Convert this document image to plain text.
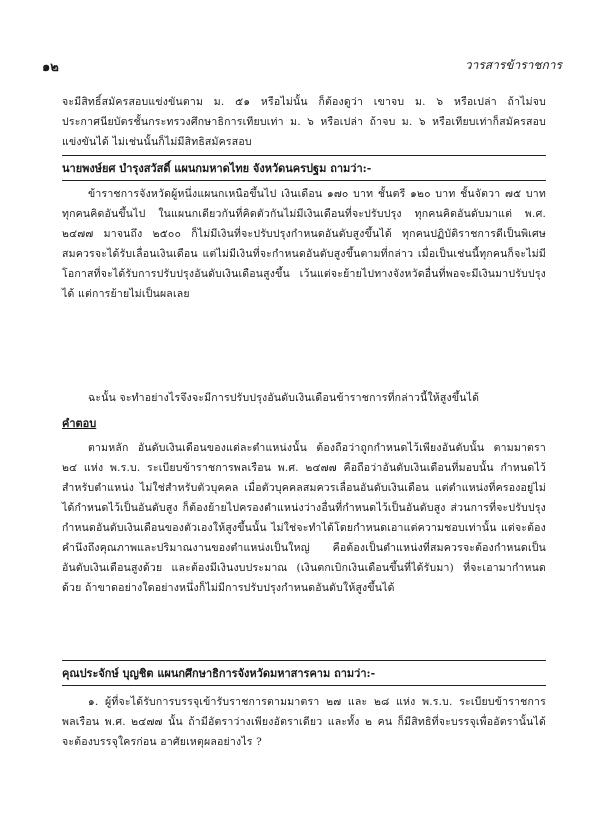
๑๒	วารสารข้าราชการ

จะมีสิทธิ์สมัครสอบแข่งขันตาม ม. ๕๑ หรือไม่นั้น ก็ต้องดูว่า เขาจบ ม. ๖ หรือเปล่า ถ้าไม่จบประกาศนียบัตรชั้นกระทรวงศึกษาธิการเทียบเท่า ม. ๖ หรือเปล่า ถ้าจบ ม. ๖ หรือเทียบเท่าก็สมัครสอบแข่งขันได้ ไม่เช่นนั้นก็ไม่มีสิทธิสมัครสอบ

นายพงษ์ยศ บำรุงสวัสดิ์ แผนกมหาดไทย จังหวัดนครปฐม ถามว่า:-

ข้าราชการจังหวัดผู้หนึ่งแผนกเหนือขึ้นไป เงินเดือน ๑๗๐ บาท ชั้นตรี ๑๒๐ บาท ชั้นจัตวา ๗๕ บาท ทุกคนคิดอันขึ้นไป ในแผนกเดียวกันที่คิดตัวกันไม่มีเงินเดือนที่จะปรับปรุง ทุกคนคิดอันดับมาแต่ พ.ศ. ๒๔๗๗ มาจนถึง ๒๕๐๐ ก็ไม่มีเงินที่จะปรับปรุงกำหนดอันดับสูงขึ้นได้ ทุกคนปฏิบัติราชการดีเป็นพิเศษสมควรจะได้รับเลื่อนเงินเดือน แต่ไม่มีเงินที่จะกำหนดอันดับสูงขึ้นตามที่กล่าว เมื่อเป็นเช่นนี้ทุกคนก็จะไม่มีโอกาสที่จะได้รับการปรับปรุงอันดับเงินเดือนสูงขึ้น เว้นแต่จะย้ายไปทางจังหวัดอื่นที่พอจะมีเงินมาปรับปรุงได้ แต่การย้ายไม่เป็นผลเลย

ฉะนั้น จะทำอย่างไรจึงจะมีการปรับปรุงอันดับเงินเดือนข้าราชการที่กล่าวนี้ให้สูงขึ้นได้

คำตอบ

ตามหลัก อันดับเงินเดือนของแต่ละตำแหน่งนั้น ต้องถือว่าถูกกำหนดไว้เพียงอันดับนั้น ตามมาตรา ๒๔ แห่ง พ.ร.บ. ระเบียบข้าราชการพลเรือน พ.ศ. ๒๔๗๗ คือถือว่าอันดับเงินเดือนที่มอบนั้น กำหนดไว้สำหรับตำแหน่ง ไม่ใช่สำหรับตัวบุคคล เมื่อตัวบุคคลสมควรเลื่อนอันดับเงินเดือน แต่ตำแหน่งที่ครองอยู่ไม่ได้กำหนดไว้เป็นอันดับสูง ก็ต้องย้ายไปครองตำแหน่งว่างอื่นที่กำหนดไว้เป็นอันดับสูง ส่วนการที่จะปรับปรุงกำหนดอันดับเงินเดือนของตัวเองให้สูงขึ้นนั้น ไม่ใช่จะทำได้โดยกำหนดเอาแต่ความชอบเท่านั้น แต่จะต้องคำนึงถึงคุณภาพและปริมาณงานของตำแหน่งเป็นใหญ่ คือต้องเป็นตำแหน่งที่สมควรจะต้องกำหนดเป็นอันดับเงินเดือนสูงด้วย และต้องมีเงินงบประมาณ (เงินตกเบิกเงินเดือนขึ้นที่ได้รับมา) ที่จะเอามากำหนดด้วย ถ้าขาดอย่างใดอย่างหนึ่งก็ไม่มีการปรับปรุงกำหนดอันดับให้สูงขึ้นได้

คุณประจักษ์ บุญชิต แผนกศึกษาธิการจังหวัดมหาสารคาม ถามว่า:-

๑. ผู้ที่จะได้รับการบรรจุเข้ารับราชการตามมาตรา ๒๗ และ ๒๘ แห่ง พ.ร.บ. ระเบียบข้าราชการพลเรือน พ.ศ. ๒๔๗๗ นั้น ถ้ามีอัตราว่างเพียงอัตราเดียว และทั้ง ๒ คน ก็มีสิทธิที่จะบรรจุเพื่ออัตรานั้นได้ จะต้องบรรจุใครก่อน อาศัยเหตุผลอย่างไร ?
